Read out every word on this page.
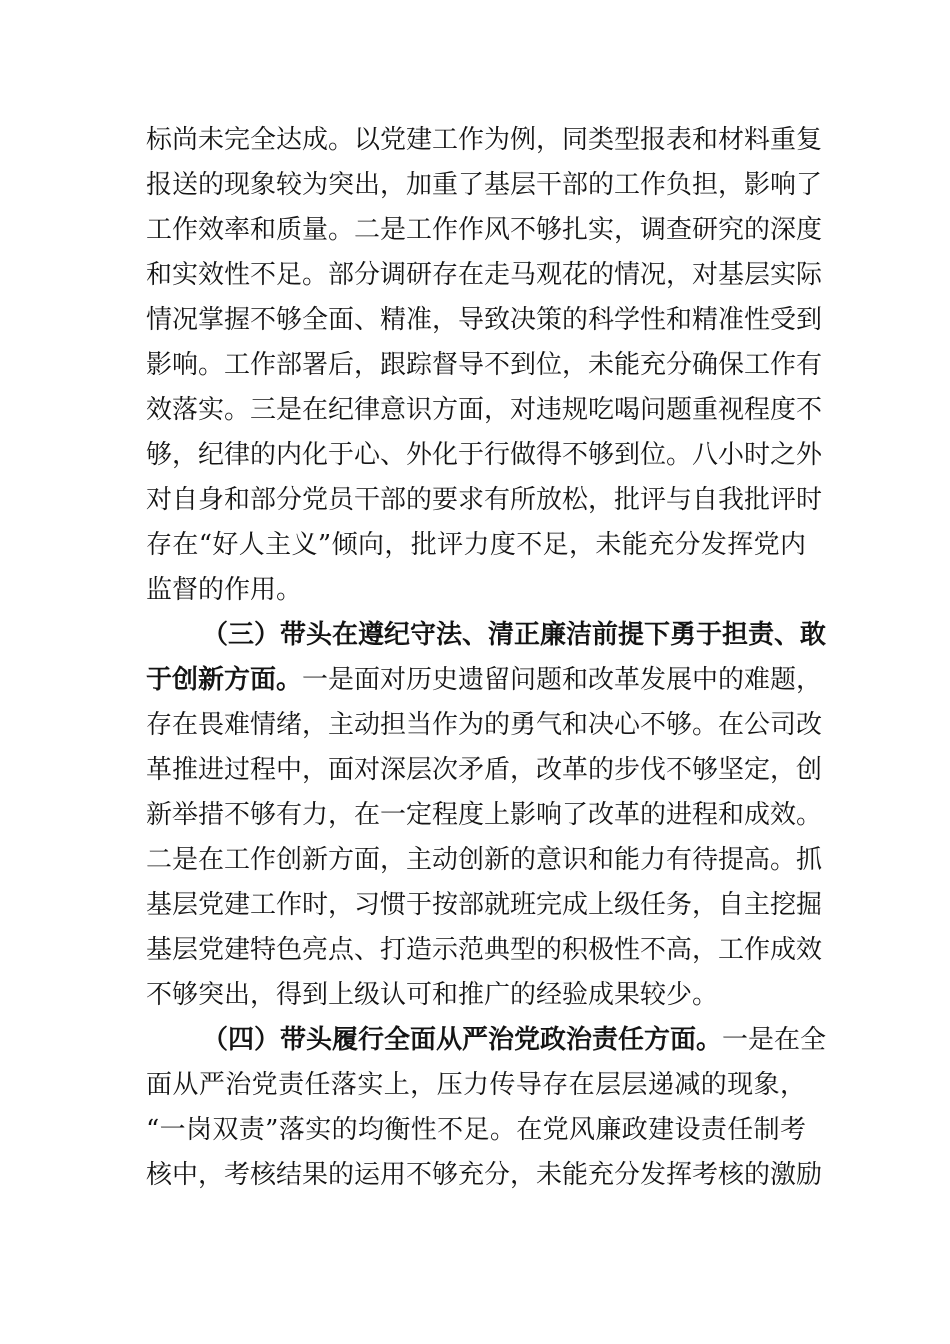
标尚未完全达成。以党建工作为例，同类型报表和材料重复
报送的现象较为突出，加重了基层干部的工作负担，影响了
工作效率和质量。二是工作作风不够扎实，调查研究的深度
和实效性不足。部分调研存在走马观花的情况，对基层实际
情况掌握不够全面、精准，导致决策的科学性和精准性受到
影响。工作部署后，跟踪督导不到位，未能充分确保工作有
效落实。三是在纪律意识方面，对违规吃喝问题重视程度不
够，纪律的内化于心、外化于行做得不够到位。八小时之外
对自身和部分党员干部的要求有所放松，批评与自我批评时
存在“好人主义”倾向，批评力度不足，未能充分发挥党内
监督的作用。
（三）带头在遵纪守法、清正廉洁前提下勇于担责、敢
于创新方面。一是面对历史遗留问题和改革发展中的难题，
存在畏难情绪，主动担当作为的勇气和决心不够。在公司改
革推进过程中，面对深层次矛盾，改革的步伐不够坚定，创
新举措不够有力，在一定程度上影响了改革的进程和成效。
二是在工作创新方面，主动创新的意识和能力有待提高。抓
基层党建工作时，习惯于按部就班完成上级任务，自主挖掘
基层党建特色亮点、打造示范典型的积极性不高，工作成效
不够突出，得到上级认可和推广的经验成果较少。
（四）带头履行全面从严治党政治责任方面。一是在全
面从严治党责任落实上，压力传导存在层层递减的现象，
“一岗双责”落实的均衡性不足。在党风廉政建设责任制考
核中，考核结果的运用不够充分，未能充分发挥考核的激励
